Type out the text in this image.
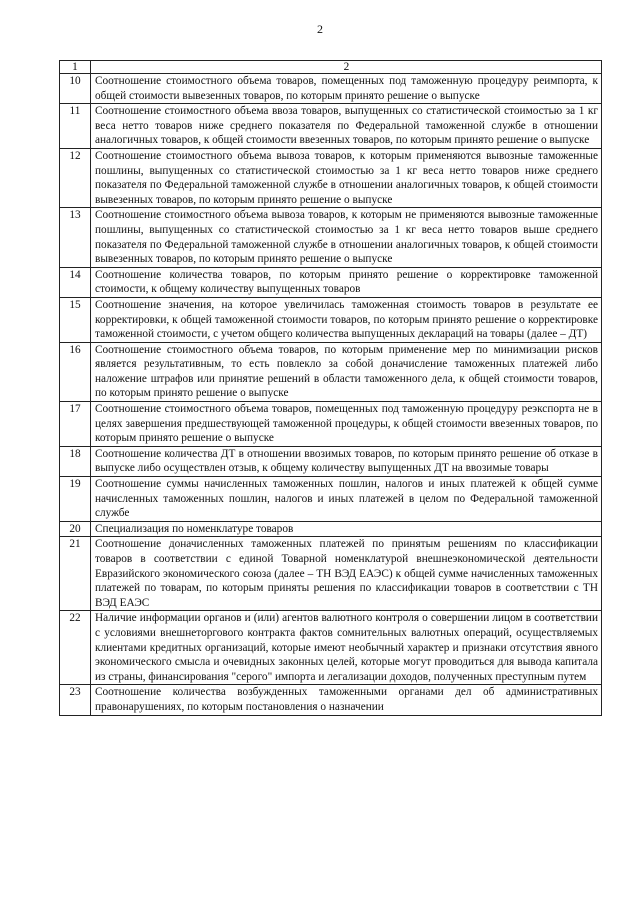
2
1	2
10	Соотношение стоимостного объема товаров, помещенных под таможенную процедуру реимпорта, к общей стоимости вывезенных товаров, по которым принято решение о выпуске
11	Соотношение стоимостного объема ввоза товаров, выпущенных со статистической стоимостью за 1 кг веса нетто товаров ниже среднего показателя по Федеральной таможенной службе в отношении аналогичных товаров, к общей стоимости ввезенных товаров, по которым принято решение о выпуске
12	Соотношение стоимостного объема вывоза товаров, к которым применяются вывозные таможенные пошлины, выпущенных со статистической стоимостью за 1 кг веса нетто товаров ниже среднего показателя по Федеральной таможенной службе в отношении аналогичных товаров, к общей стоимости вывезенных товаров, по которым принято решение о выпуске
13	Соотношение стоимостного объема вывоза товаров, к которым не применяются вывозные таможенные пошлины, выпущенных со статистической стоимостью за 1 кг веса нетто товаров выше среднего показателя по Федеральной таможенной службе в отношении аналогичных товаров, к общей стоимости вывезенных товаров, по которым принято решение о выпуске
14	Соотношение количества товаров, по которым принято решение о корректировке таможенной стоимости, к общему количеству выпущенных товаров
15	Соотношение значения, на которое увеличилась таможенная стоимость товаров в результате ее корректировки, к общей таможенной стоимости товаров, по которым принято решение о корректировке таможенной стоимости, с учетом общего количества выпущенных деклараций на товары (далее – ДТ)
16	Соотношение стоимостного объема товаров, по которым применение мер по минимизации рисков является результативным, то есть повлекло за собой доначисление таможенных платежей либо наложение штрафов или принятие решений в области таможенного дела, к общей стоимости товаров, по которым принято решение о выпуске
17	Соотношение стоимостного объема товаров, помещенных под таможенную процедуру реэкспорта не в целях завершения предшествующей таможенной процедуры, к общей стоимости ввезенных товаров, по которым принято решение о выпуске
18	Соотношение количества ДТ в отношении ввозимых товаров, по которым принято решение об отказе в выпуске либо осуществлен отзыв, к общему количеству выпущенных ДТ на ввозимые товары
19	Соотношение суммы начисленных таможенных пошлин, налогов и иных платежей к общей сумме начисленных таможенных пошлин, налогов и иных платежей в целом по Федеральной таможенной службе
20	Специализация по номенклатуре товаров
21	Соотношение доначисленных таможенных платежей по принятым решениям по классификации товаров в соответствии с единой Товарной номенклатурой внешнеэкономической деятельности Евразийского экономического союза (далее – ТН ВЭД ЕАЭС) к общей сумме начисленных таможенных платежей по товарам, по которым приняты решения по классификации товаров в соответствии с ТН ВЭД ЕАЭС
22	Наличие информации органов и (или) агентов валютного контроля о совершении лицом в соответствии с условиями внешнеторгового контракта фактов сомнительных валютных операций, осуществляемых клиентами кредитных организаций, которые имеют необычный характер и признаки отсутствия явного экономического смысла и очевидных законных целей, которые могут проводиться для вывода капитала из страны, финансирования "серого" импорта и легализации доходов, полученных преступным путем
23	Соотношение количества возбужденных таможенными органами дел об административных правонарушениях, по которым постановления о назначении
